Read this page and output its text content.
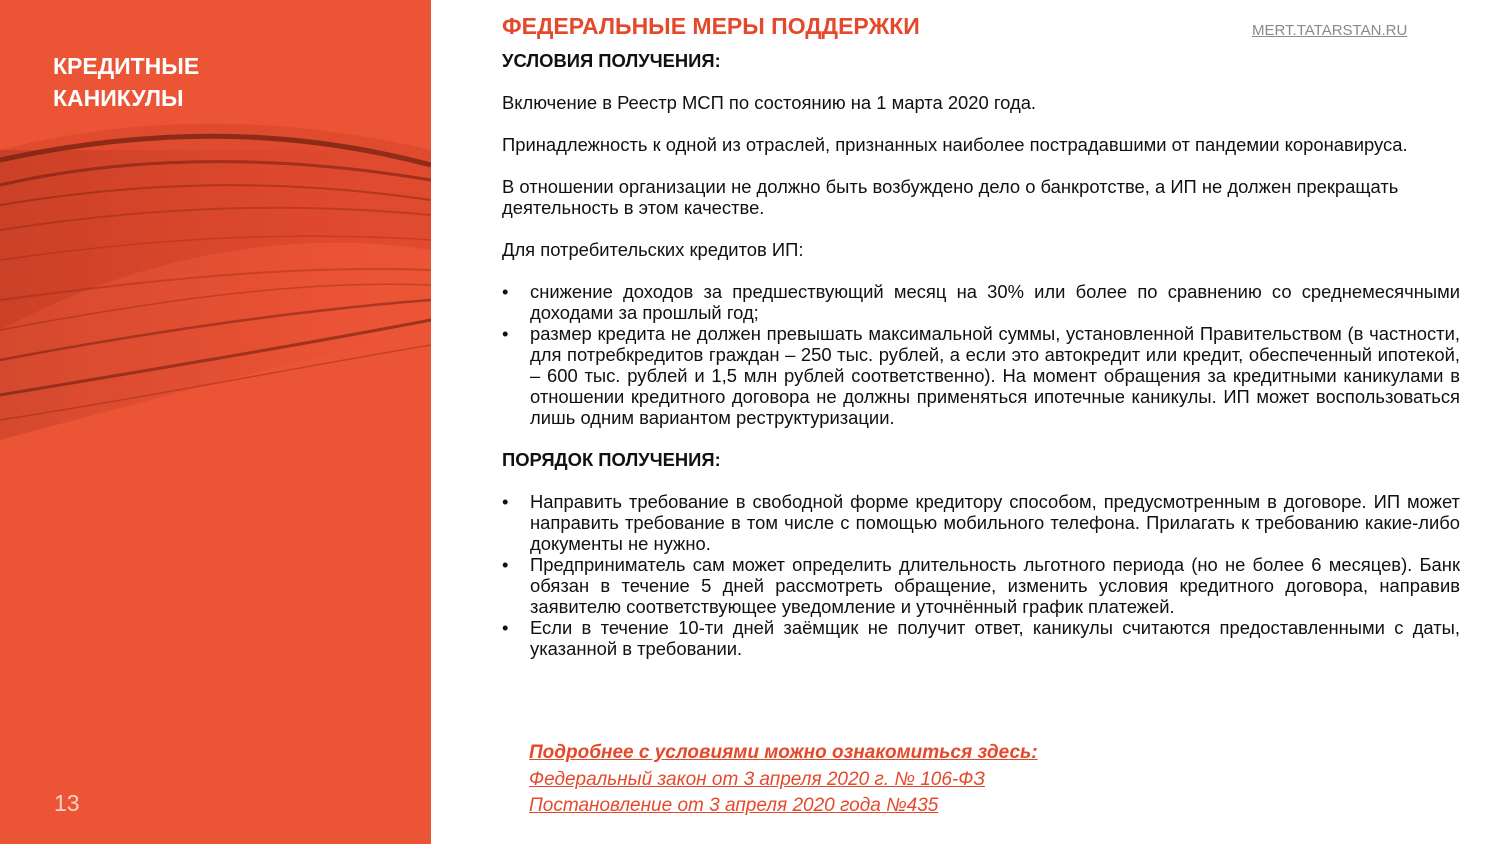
КРЕДИТНЫЕ
КАНИКУЛЫ
13
ФЕДЕРАЛЬНЫЕ МЕРЫ ПОДДЕРЖКИ	MERT.TATARSTAN.RU

УСЛОВИЯ ПОЛУЧЕНИЯ:

Включение в Реестр МСП по состоянию на 1 марта 2020 года.

Принадлежность к одной из отраслей, признанных наиболее пострадавшими от пандемии коронавируса.

В отношении организации не должно быть возбуждено дело о банкротстве, а ИП не должен прекращать деятельность в этом качестве.

Для потребительских кредитов ИП:

• снижение доходов за предшествующий месяц на 30% или более по сравнению со среднемесячными доходами за прошлый год;
• размер кредита не должен превышать максимальной суммы, установленной Правительством (в частности, для потребкредитов граждан – 250 тыс. рублей, а если это автокредит или кредит, обеспеченный ипотекой, – 600 тыс. рублей и 1,5 млн рублей соответственно). На момент обращения за кредитными каникулами в отношении кредитного договора не должны применяться ипотечные каникулы. ИП может воспользоваться лишь одним вариантом реструктуризации.

ПОРЯДОК ПОЛУЧЕНИЯ:

• Направить требование в свободной форме кредитору способом, предусмотренным в договоре. ИП может направить требование в том числе с помощью мобильного телефона. Прилагать к требованию какие-либо документы не нужно.
• Предприниматель сам может определить длительность льготного периода (но не более 6 месяцев). Банк обязан в течение 5 дней рассмотреть обращение, изменить условия кредитного договора, направив заявителю соответствующее уведомление и уточнённый график платежей.
• Если в течение 10-ти дней заёмщик не получит ответ, каникулы считаются предоставленными с даты, указанной в требовании.
Подробнее с условиями можно ознакомиться здесь:
Федеральный закон от 3 апреля 2020 г. № 106-ФЗ
Постановление от 3 апреля 2020 года №435
